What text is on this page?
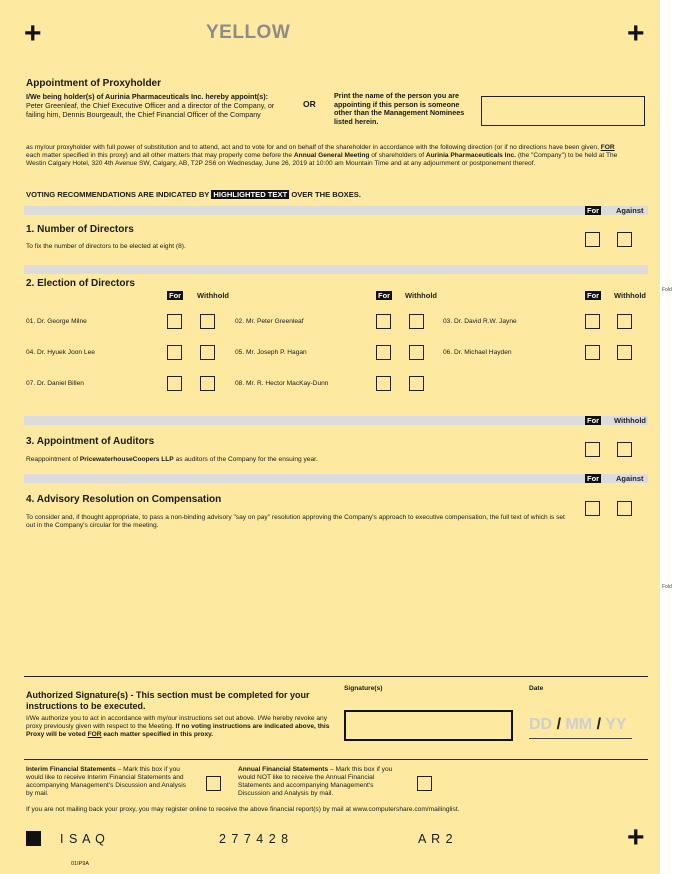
+	+
+
YELLOW
Appointment of Proxyholder
I/We being holder(s) of Aurinia Pharmaceuticals Inc. hereby appoint(s):
Peter Greenleaf, the Chief Executive Officer and a director of the Company, or failing him, Dennis Bourgeault, the Chief Financial Officer of the Company
OR
Print the name of the person you are appointing if this person is someone other than the Management Nominees listed herein.
as my/our proxyholder with full power of substitution and to attend, act and to vote for and on behalf of the shareholder in accordance with the following direction (or if no directions have been given, FOR each matter specified in this proxy) and all other matters that may properly come before the Annual General Meeting of shareholders of Aurinia Pharmaceuticals Inc. (the "Company") to be held at The Westin Calgary Hotel, 320 4th Avenue SW, Calgary, AB, T2P 2S6 on Wednesday, June 26, 2019 at 10:00 am Mountain Time and at any adjournment or postponement thereof.
VOTING RECOMMENDATIONS ARE INDICATED BY HIGHLIGHTED TEXT OVER THE BOXES.
For Against
1. Number of Directors
To fix the number of directors to be elected at eight (8).
2. Election of Directors
Fold
For Withhold	For Withhold	For Withhold
01. Dr. George Milne	02. Mr. Peter Greenleaf	03. Dr. David R.W. Jayne
04. Dr. Hyuek Joon Lee	05. Mr. Joseph P. Hagan	06. Dr. Michael Hayden
07. Dr. Daniel Billen	08. Mr. R. Hector MacKay-Dunn
For Withhold
3. Appointment of Auditors
Reappointment of PricewaterhouseCoopers LLP as auditors of the Company for the ensuing year.
For Against
4. Advisory Resolution on Compensation
To consider and, if thought appropriate, to pass a non-binding advisory "say on pay" resolution approving the Company's approach to executive compensation, the full text of which is set out in the Company's circular for the meeting.
Fold
Authorized Signature(s) - This section must be completed for your instructions to be executed.
I/We authorize you to act in accordance with my/our instructions set out above. I/We hereby revoke any proxy previously given with respect to the Meeting. If no voting instructions are indicated above, this Proxy will be voted FOR each matter specified in this proxy.
Signature(s)	Date
DD / MM / YY
Interim Financial Statements – Mark this box if you would like to receive Interim Financial Statements and accompanying Management's Discussion and Analysis by mail.
Annual Financial Statements – Mark this box if you would NOT like to receive the Annual Financial Statements and accompanying Management's Discussion and Analysis by mail.
If you are not mailing back your proxy, you may register online to receive the above financial report(s) by mail at www.computershare.com/mailinglist.
I S A Q	2 7 7 4 2 8	A R 2
01IP9A
